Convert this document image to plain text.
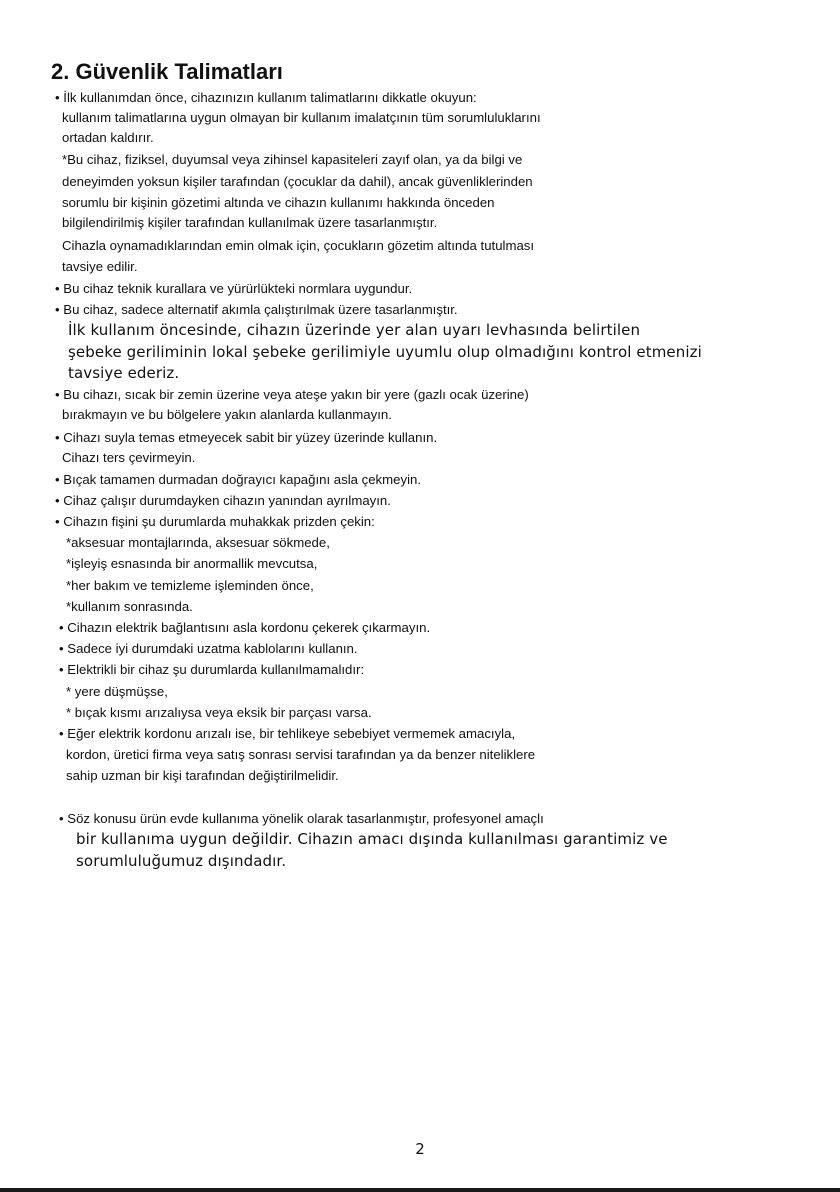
2. Güvenlik Talimatları
• İlk kullanımdan önce, cihazınızın kullanım talimatlarını dikkatle okuyun:
kullanım talimatlarına uygun olmayan bir kullanım imalatçının tüm sorumluluklarını
ortadan kaldırır.
*Bu cihaz, fiziksel, duyumsal veya zihinsel kapasiteleri zayıf olan, ya da bilgi ve
deneyimden yoksun kişiler tarafından (çocuklar da dahil), ancak güvenliklerinden
sorumlu bir kişinin gözetimi altında ve cihazın kullanımı hakkında önceden
bilgilendirilmiş kişiler tarafından kullanılmak üzere tasarlanmıştır.
Cihazla oynamadıklarından emin olmak için, çocukların gözetim altında tutulması
tavsiye edilir.
• Bu cihaz teknik kurallara ve yürürlükteki normlara uygundur.
• Bu cihaz, sadece alternatif akımla çalıştırılmak üzere tasarlanmıştır.
İlk kullanım öncesinde, cihazın üzerinde yer alan uyarı levhasında belirtilen
şebeke geriliminin lokal şebeke gerilimiyle uyumlu olup olmadığını kontrol etmenizi
tavsiye ederiz.
• Bu cihazı, sıcak bir zemin üzerine veya ateşe yakın bir yere (gazlı ocak üzerine)
bırakmayın ve bu bölgelere yakın alanlarda kullanmayın.
• Cihazı suyla temas etmeyecek sabit bir yüzey üzerinde kullanın.
Cihazı ters çevirmeyin.
• Bıçak tamamen durmadan doğrayıcı kapağını asla çekmeyin.
• Cihaz çalışır durumdayken cihazın yanından ayrılmayın.
• Cihazın fişini şu durumlarda muhakkak prizden çekin:
*aksesuar montajlarında, aksesuar sökmede,
*işleyiş esnasında bir anormallik mevcutsa,
*her bakım ve temizleme işleminden önce,
*kullanım sonrasında.
• Cihazın elektrik bağlantısını asla kordonu çekerek çıkarmayın.
• Sadece iyi durumdaki uzatma kablolarını kullanın.
• Elektrikli bir cihaz şu durumlarda kullanılmamalıdır:
* yere düşmüşse,
* bıçak kısmı arızalıysa veya eksik bir parçası varsa.
• Eğer elektrik kordonu arızalı ise, bir tehlikeye sebebiyet vermemek amacıyla,
kordon, üretici firma veya satış sonrası servisi tarafından ya da benzer niteliklere
sahip uzman bir kişi tarafından değiştirilmelidir.
• Söz konusu ürün evde kullanıma yönelik olarak tasarlanmıştır, profesyonel amaçlı
bir kullanıma uygun değildir. Cihazın amacı dışında kullanılması garantimiz ve
sorumluluğumuz dışındadır.
2
